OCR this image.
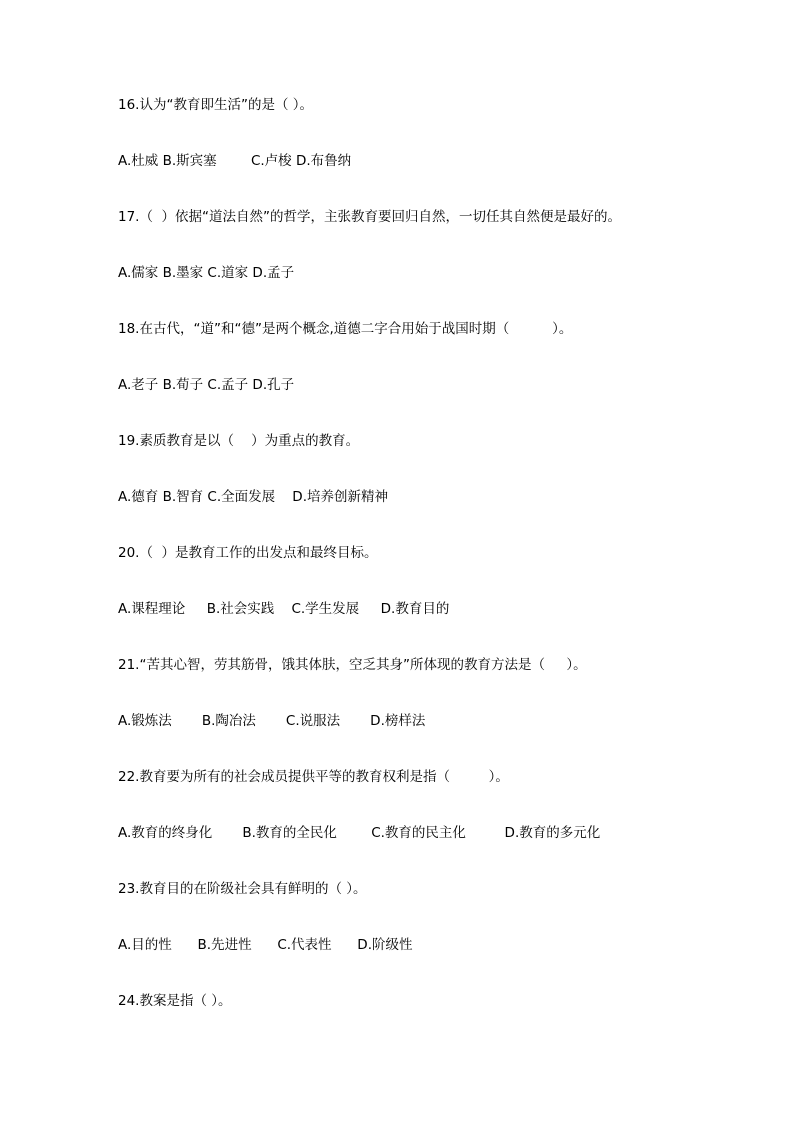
16.认为“教育即生活”的是（ ）。
A.杜威 B.斯宾塞        C.卢梭 D.布鲁纳
17.（  ）依据“道法自然”的哲学，主张教育要回归自然，一切任其自然便是最好的。
A.儒家 B.墨家 C.道家 D.孟子
18.在古代，“道”和“德”是两个概念,道德二字合用始于战国时期（          ）。
A.老子 B.荀子 C.孟子 D.孔子
19.素质教育是以（    ）为重点的教育。
A.德育 B.智育 C.全面发展    D.培养创新精神
20.（  ）是教育工作的出发点和最终目标。
A.课程理论     B.社会实践    C.学生发展     D.教育目的
21.“苦其心智，劳其筋骨，饿其体肤，空乏其身”所体现的教育方法是（     ）。
A.锻炼法       B.陶冶法       C.说服法       D.榜样法
22.教育要为所有的社会成员提供平等的教育权利是指（         ）。
A.教育的终身化       B.教育的全民化        C.教育的民主化         D.教育的多元化
23.教育目的在阶级社会具有鲜明的（ ）。
A.目的性      B.先进性      C.代表性      D.阶级性
24.教案是指（ ）。
